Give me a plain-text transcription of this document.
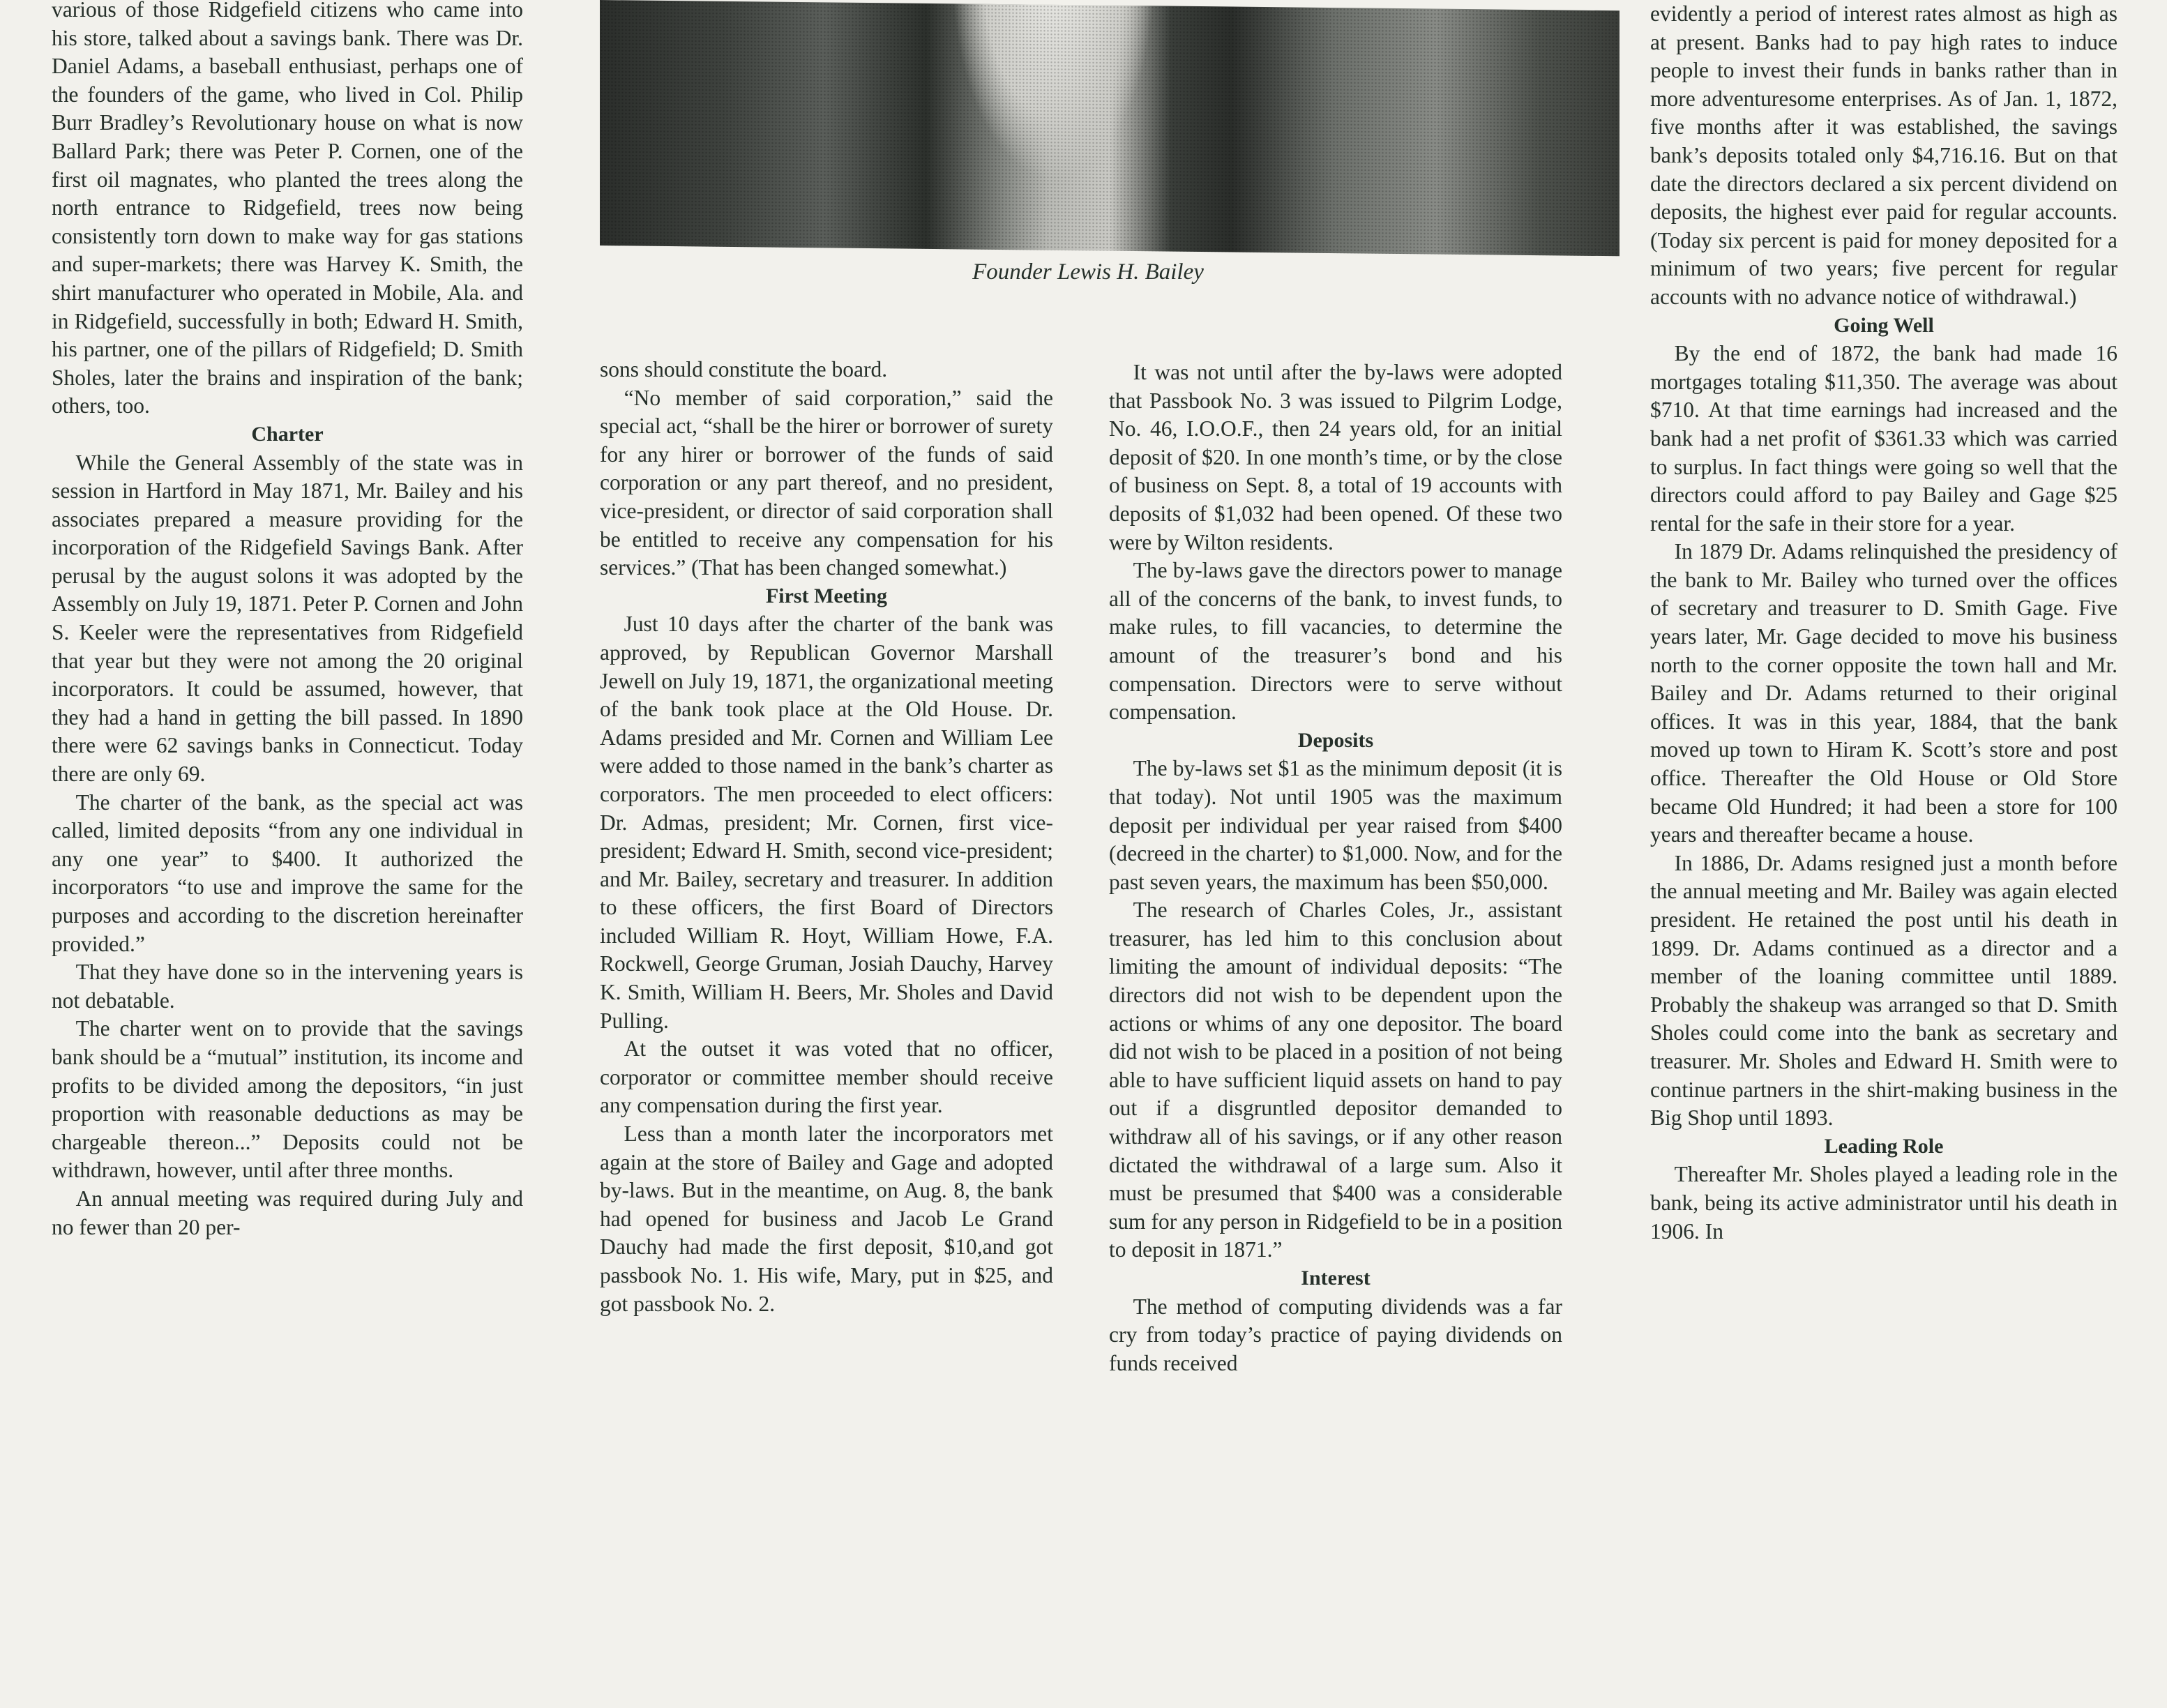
Founder Lewis H. Bailey

various of those Ridgefield citizens who came into his store, talked about a savings bank. There was Dr. Daniel Adams, a baseball enthusiast, perhaps one of the founders of the game, who lived in Col. Philip Burr Bradley’s Revolutionary house on what is now Ballard Park; there was Peter P. Cornen, one of the first oil magnates, who planted the trees along the north entrance to Ridgefield, trees now being consistently torn down to make way for gas stations and super-markets; there was Harvey K. Smith, the shirt manufacturer who operated in Mobile, Ala. and in Ridgefield, successfully in both; Edward H. Smith, his partner, one of the pillars of Ridgefield; D. Smith Sholes, later the brains and inspiration of the bank; others, too.

Charter

While the General Assembly of the state was in session in Hartford in May 1871, Mr. Bailey and his associates prepared a measure providing for the incorporation of the Ridgefield Savings Bank. After perusal by the august solons it was adopted by the Assembly on July 19, 1871. Peter P. Cornen and John S. Keeler were the representatives from Ridgefield that year but they were not among the 20 original incorporators. It could be assumed, however, that they had a hand in getting the bill passed. In 1890 there were 62 savings banks in Connecticut. Today there are only 69.

The charter of the bank, as the special act was called, limited deposits “from any one individual in any one year” to $400. It authorized the incorporators “to use and improve the same for the purposes and according to the discretion hereinafter provided.”

That they have done so in the intervening years is not debatable.

The charter went on to provide that the savings bank should be a “mutual” institution, its income and profits to be divided among the depositors, “in just proportion with reasonable deductions as may be chargeable thereon...” Deposits could not be withdrawn, however, until after three months.

An annual meeting was required during July and no fewer than 20 per-

sons should constitute the board.

“No member of said corporation,” said the special act, “shall be the hirer or borrower of surety for any hirer or borrower of the funds of said corporation or any part thereof, and no president, vice-president, or director of said corporation shall be entitled to receive any compensation for his services.” (That has been changed somewhat.)

First Meeting

Just 10 days after the charter of the bank was approved, by Republican Governor Marshall Jewell on July 19, 1871, the organizational meeting of the bank took place at the Old House. Dr. Adams presided and Mr. Cornen and William Lee were added to those named in the bank’s charter as corporators. The men proceeded to elect officers: Dr. Admas, president; Mr. Cornen, first vice-president; Edward H. Smith, second vice-president; and Mr. Bailey, secretary and treasurer. In addition to these officers, the first Board of Directors included William R. Hoyt, William Howe, F.A. Rockwell, George Gruman, Josiah Dauchy, Harvey K. Smith, William H. Beers, Mr. Sholes and David Pulling.

At the outset it was voted that no officer, corporator or committee member should receive any compensation during the first year.

Less than a month later the incorporators met again at the store of Bailey and Gage and adopted by-laws. But in the meantime, on Aug. 8, the bank had opened for business and Jacob Le Grand Dauchy had made the first deposit, $10,and got passbook No. 1. His wife, Mary, put in $25, and got passbook No. 2.

It was not until after the by-laws were adopted that Passbook No. 3 was issued to Pilgrim Lodge, No. 46, I.O.O.F., then 24 years old, for an initial deposit of $20. In one month’s time, or by the close of business on Sept. 8, a total of 19 accounts with deposits of $1,032 had been opened. Of these two were by Wilton residents.

The by-laws gave the directors power to manage all of the concerns of the bank, to invest funds, to make rules, to fill vacancies, to determine the amount of the treasurer’s bond and his compensation. Directors were to serve without compensation.

Deposits

The by-laws set $1 as the minimum deposit (it is that today). Not until 1905 was the maximum deposit per individual per year raised from $400 (decreed in the charter) to $1,000. Now, and for the past seven years, the maximum has been $50,000.

The research of Charles Coles, Jr., assistant treasurer, has led him to this conclusion about limiting the amount of individual deposits: “The directors did not wish to be dependent upon the actions or whims of any one depositor. The board did not wish to be placed in a position of not being able to have sufficient liquid assets on hand to pay out if a disgruntled depositor demanded to withdraw all of his savings, or if any other reason dictated the withdrawal of a large sum. Also it must be presumed that $400 was a considerable sum for any person in Ridgefield to be in a position to deposit in 1871.”

Interest

The method of computing dividends was a far cry from today’s practice of paying dividends on funds received

evidently a period of interest rates almost as high as at present. Banks had to pay high rates to induce people to invest their funds in banks rather than in more adventuresome enterprises. As of Jan. 1, 1872, five months after it was established, the savings bank’s deposits totaled only $4,716.16. But on that date the directors declared a six percent dividend on deposits, the highest ever paid for regular accounts. (Today six percent is paid for money deposited for a minimum of two years; five percent for regular accounts with no advance notice of withdrawal.)

Going Well

By the end of 1872, the bank had made 16 mortgages totaling $11,350. The average was about $710. At that time earnings had increased and the bank had a net profit of $361.33 which was carried to surplus. In fact things were going so well that the directors could afford to pay Bailey and Gage $25 rental for the safe in their store for a year.

In 1879 Dr. Adams relinquished the presidency of the bank to Mr. Bailey who turned over the offices of secretary and treasurer to D. Smith Gage. Five years later, Mr. Gage decided to move his business north to the corner opposite the town hall and Mr. Bailey and Dr. Adams returned to their original offices. It was in this year, 1884, that the bank moved up town to Hiram K. Scott’s store and post office. Thereafter the Old House or Old Store became Old Hundred; it had been a store for 100 years and thereafter became a house.

In 1886, Dr. Adams resigned just a month before the annual meeting and Mr. Bailey was again elected president. He retained the post until his death in 1899. Dr. Adams continued as a director and a member of the loaning committee until 1889. Probably the shakeup was arranged so that D. Smith Sholes could come into the bank as secretary and treasurer. Mr. Sholes and Edward H. Smith were to continue partners in the shirt-making business in the Big Shop until 1893.

Leading Role

Thereafter Mr. Sholes played a leading role in the bank, being its active administrator until his death in 1906. In
